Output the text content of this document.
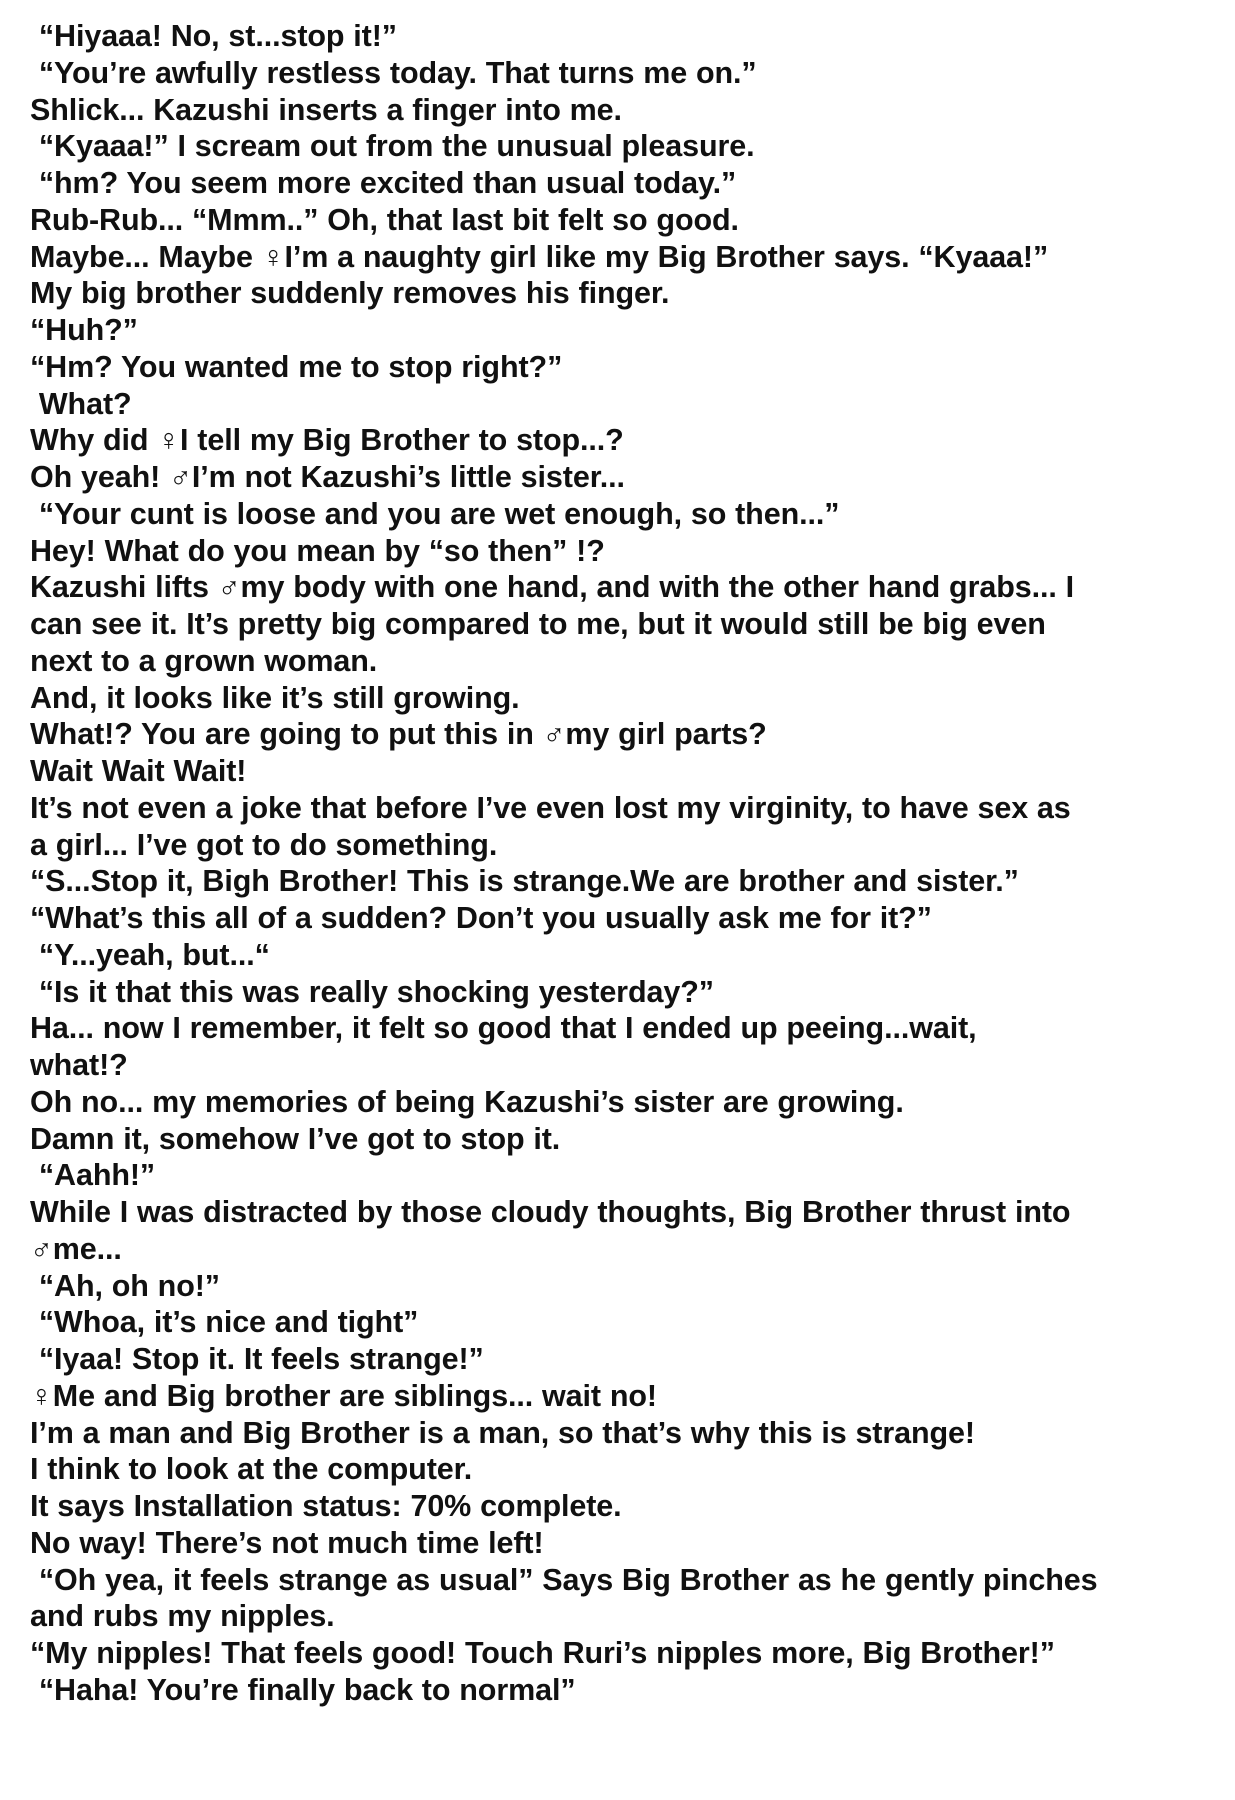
“Hiyaaa! No, st...stop it!”
“You’re awfully restless today. That turns me on.”
Shlick... Kazushi inserts a finger into me.
“Kyaaa!” I scream out from the unusual pleasure.
“hm? You seem more excited than usual today.”
Rub-Rub... “Mmm..” Oh, that last bit felt so good.
Maybe... Maybe ♀I’m a naughty girl like my Big Brother says. “Kyaaa!”
My big brother suddenly removes his finger.
“Huh?”
“Hm? You wanted me to stop right?”
What?
Why did ♀I tell my Big Brother to stop...?
Oh yeah! ♂I’m not Kazushi’s little sister...
“Your cunt is loose and you are wet enough, so then...”
Hey! What do you mean by “so then” !?
Kazushi lifts ♂my body with one hand, and with the other hand grabs... I
can see it. It’s pretty big compared to me, but it would still be big even
next to a grown woman.
And, it looks like it’s still growing.
What!? You are going to put this in ♂my girl parts?
Wait Wait Wait!
It’s not even a joke that before I’ve even lost my virginity, to have sex as
a girl... I’ve got to do something.
“S...Stop it, Bigh Brother! This is strange.We are brother and sister.”
“What’s this all of a sudden? Don’t you usually ask me for it?”
“Y...yeah, but...“
“Is it that this was really shocking yesterday?”
Ha... now I remember, it felt so good that I ended up peeing...wait,
what!?
Oh no... my memories of being Kazushi’s sister are growing.
Damn it, somehow I’ve got to stop it.
“Aahh!”
While I was distracted by those cloudy thoughts, Big Brother thrust into
♂me...
“Ah, oh no!”
“Whoa, it’s nice and tight”
“Iyaa! Stop it. It feels strange!”
♀Me and Big brother are siblings... wait no!
I’m a man and Big Brother is a man, so that’s why this is strange!
I think to look at the computer.
It says Installation status: 70% complete.
No way! There’s not much time left!
“Oh yea, it feels strange as usual” Says Big Brother as he gently pinches
and rubs my nipples.
“My nipples! That feels good! Touch Ruri’s nipples more, Big Brother!”
“Haha! You’re finally back to normal”
